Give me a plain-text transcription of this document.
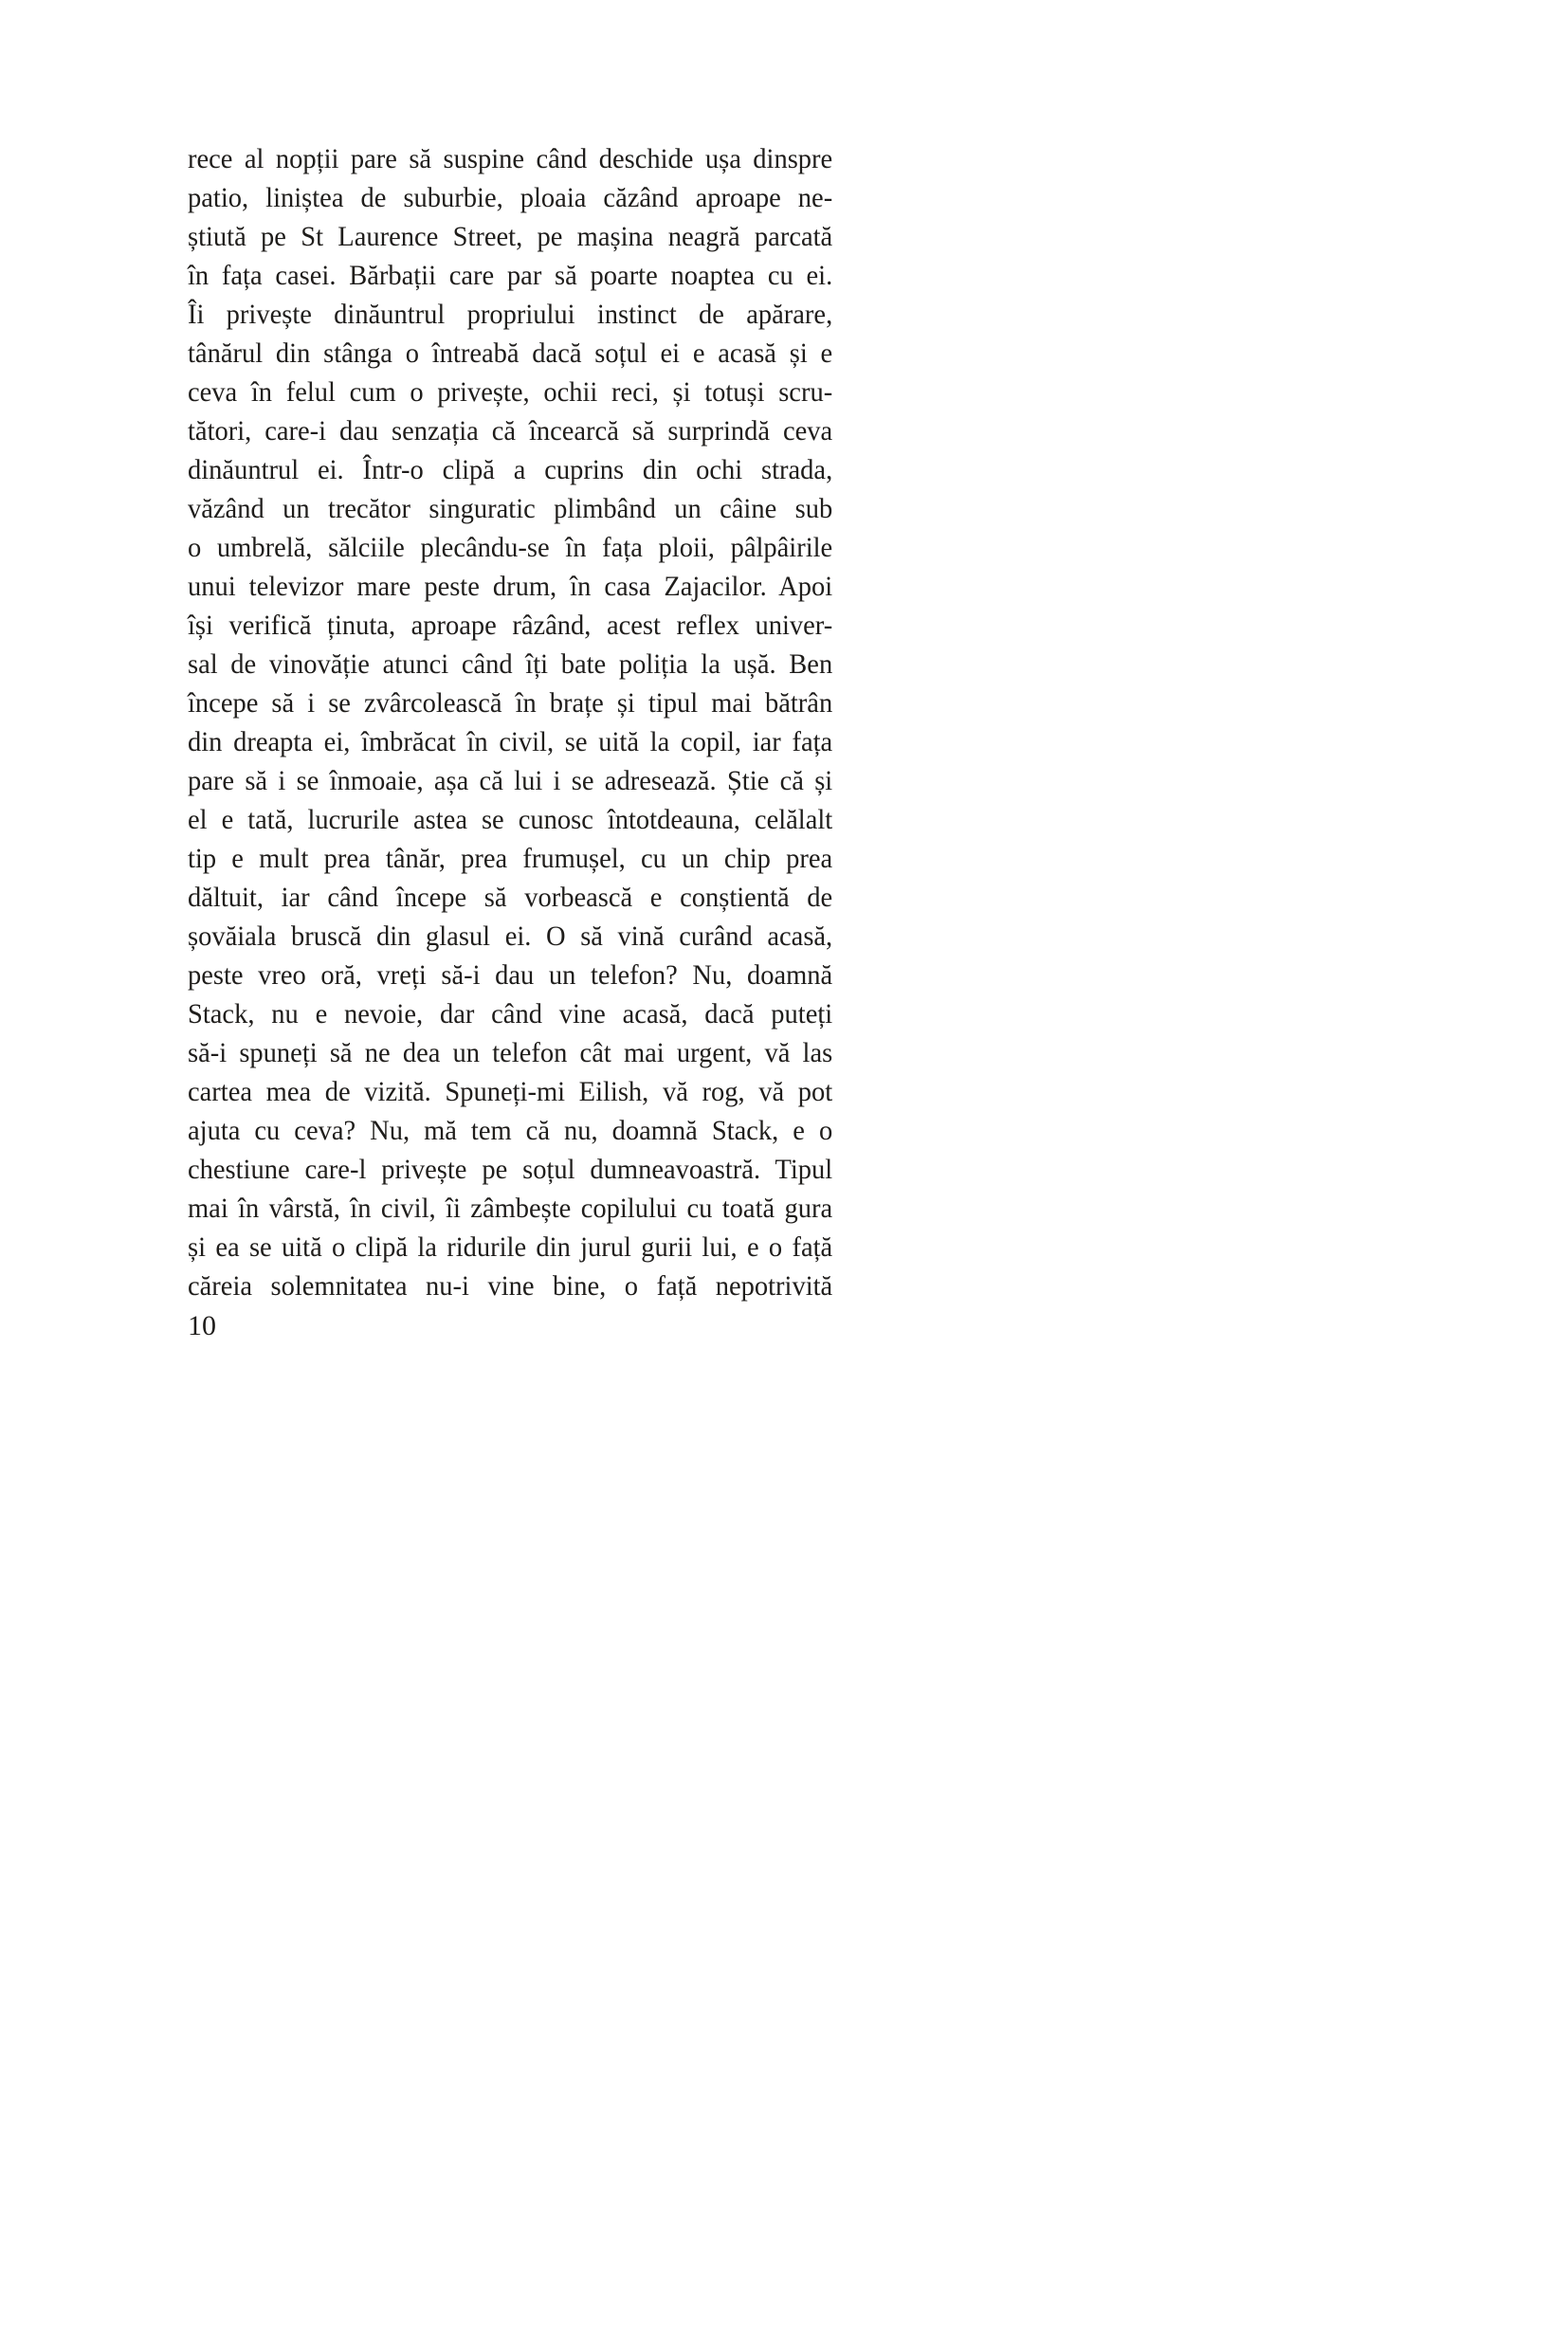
rece al nopții pare să suspine când deschide ușa dinspre
patio, liniștea de suburbie, ploaia căzând aproape ne-
știută pe St Laurence Street, pe mașina neagră parcată
în fața casei. Bărbații care par să poarte noaptea cu ei.
Îi privește dinăuntrul propriului instinct de apărare,
tânărul din stânga o întreabă dacă soțul ei e acasă și e
ceva în felul cum o privește, ochii reci, și totuși scru-
tători, care-i dau senzația că încearcă să surprindă ceva
dinăuntrul ei. Într-o clipă a cuprins din ochi strada,
văzând un trecător singuratic plimbând un câine sub
o umbrelă, sălciile plecându-se în fața ploii, pâlpâirile
unui televizor mare peste drum, în casa Zajacilor. Apoi
își verifică ținuta, aproape râzând, acest reflex univer-
sal de vinovăție atunci când îți bate poliția la ușă. Ben
începe să i se zvârcolească în brațe și tipul mai bătrân
din dreapta ei, îmbrăcat în civil, se uită la copil, iar fața
pare să i se înmoaie, așa că lui i se adresează. Știe că și
el e tată, lucrurile astea se cunosc întotdeauna, celălalt
tip e mult prea tânăr, prea frumușel, cu un chip prea
dăltuit, iar când începe să vorbească e conștientă de
șovăiala bruscă din glasul ei. O să vină curând acasă,
peste vreo oră, vreți să-i dau un telefon? Nu, doamnă
Stack, nu e nevoie, dar când vine acasă, dacă puteți
să-i spuneți să ne dea un telefon cât mai urgent, vă las
cartea mea de vizită. Spuneți-mi Eilish, vă rog, vă pot
ajuta cu ceva? Nu, mă tem că nu, doamnă Stack, e o
chestiune care-l privește pe soțul dumneavoastră. Tipul
mai în vârstă, în civil, îi zâmbește copilului cu toată gura
și ea se uită o clipă la ridurile din jurul gurii lui, e o față
căreia solemnitatea nu-i vine bine, o față nepotrivită
10
